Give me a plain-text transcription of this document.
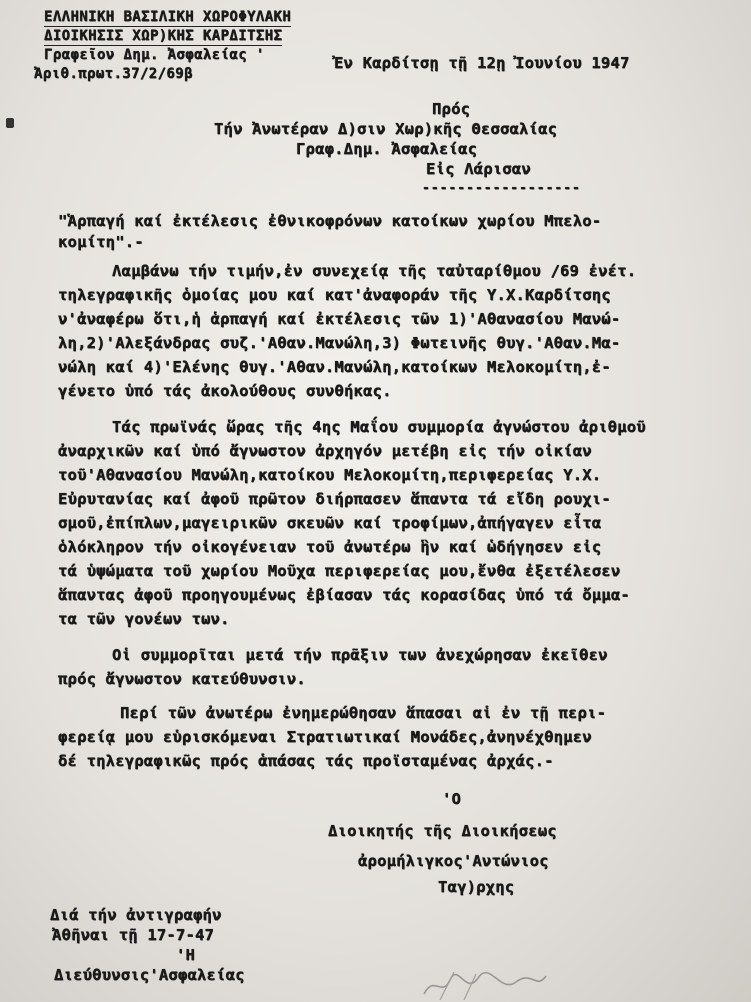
ΕΛΛΗΝΙΚΗ ΒΑΣΙΛΙΚΗ ΧΩΡΟΦΥΛΑΚΗ
ΔΙΟΙΚΗΣΙΣ ΧΩΡ)ΚΗΣ ΚΑΡΔΙΤΣΗΣ
Γραφεῖον Δημ. Ἀσφαλείας '
Ἀριθ.πρωτ.37/2/69β
Ἐν Καρδίτσῃ τῇ 12ῃ Ἰουνίου 1947
Πρός
Τήν Ἀνωτέραν Δ)σιν Χωρ)κῆς Θεσσαλίας
Γραφ.Δημ. Ἀσφαλείας
Εἰς Λάρισαν
------------------
"Ἁρπαγή καί ἐκτέλεσις ἐθνικοφρόνων κατοίκων χωρίου Μπελο-
κομίτη".-
Λαμβάνω τήν τιμήν,ἐν συνεχείᾳ τῆς ταὐταρίθμου /69 ἐνέτ.
τηλεγραφικῆς ὁμοίας μου καί κατ'ἀναφοράν τῆς Υ.Χ.Καρδίτσης
ν'ἀναφέρω ὅτι,ἡ ἁρπαγή καί ἐκτέλεσις τῶν 1)'Αθανασίου Μανώ-
λη,2)'Αλεξάνδρας συζ.'Αθαν.Μανώλη,3) Φωτεινῆς θυγ.'Αθαν.Μα-
νώλη καί 4)'Ελένης θυγ.'Αθαν.Μανώλη,κατοίκων Μελοκομίτη,ἐ-
γένετο ὑπό τάς ἀκολούθους συνθήκας.
Τάς πρωϊνάς ὥρας τῆς 4ης Μαΐου συμμορία ἀγνώστου ἀριθμοῦ
ἀναρχικῶν καί ὑπό ἄγνωστον ἀρχηγόν μετέβη εἰς τήν οἰκίαν
τοῦ'Αθανασίου Μανώλη,κατοίκου Μελοκομίτη,περιφερείας Υ.Χ.
Εὐρυτανίας καί ἀφοῦ πρῶτον διήρπασεν ἅπαντα τά εἴδη ρουχι-
σμοῦ,ἐπίπλων,μαγειρικῶν σκευῶν καί τροφίμων,ἀπήγαγεν εἶτα
ὁλόκληρον τήν οἰκογένειαν τοῦ ἀνωτέρω ἣν καί ὡδήγησεν εἰς
τά ὑψώματα τοῦ χωρίου Μοῦχα περιφερείας μου,ἔνθα ἐξετέλεσεν
ἅπαντας ἀφοῦ προηγουμένως ἐβίασαν τάς κορασίδας ὑπό τά ὄμμα-
τα τῶν γονέων των.
Οἱ συμμορῖται μετά τήν πρᾶξιν των ἀνεχώρησαν ἐκεῖθεν
πρός ἄγνωστον κατεύθυνσιν.
Περί τῶν ἀνωτέρω ἐνημερώθησαν ἅπασαι αἱ ἐν τῇ περι-
φερείᾳ μου εὑρισκόμεναι Στρατιωτικαί Μονάδες,ἀνηνέχθημεν
δέ τηλεγραφικῶς πρός ἁπάσας τάς προϊσταμένας ἀρχάς.-
'Ο
Διοικητής τῆς Διοικήσεως
ἀρομήλιγκος'Αντώνιος
Ταγ)ρχης
Διά τήν ἀντιγραφήν
Ἀθῆναι τῇ 17-7-47
'Η
Διεύθυνσις'Ασφαλείας
